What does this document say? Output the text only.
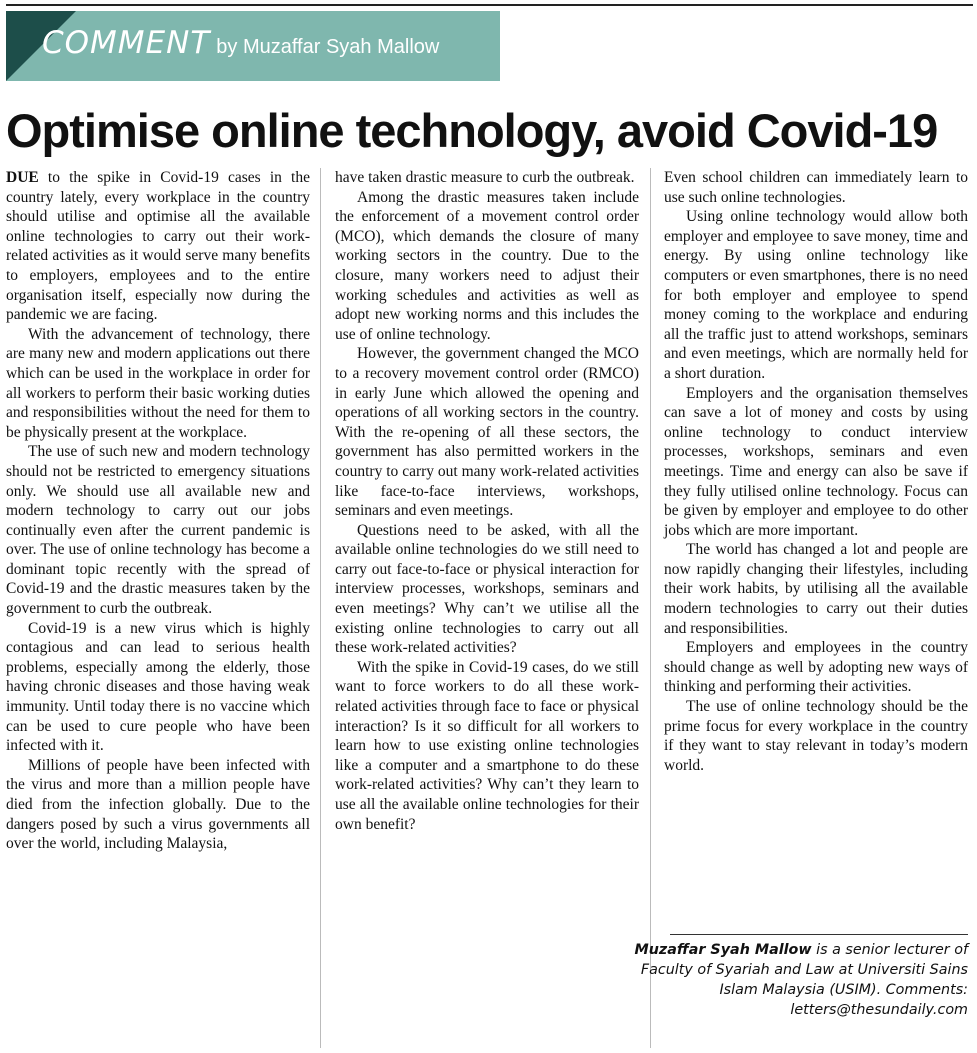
COMMENT by Muzaffar Syah Mallow
Optimise online technology, avoid Covid-19

DUE to the spike in Covid-19 cases in the country lately, every workplace in the country should utilise and optimise all the available online technologies to carry out their work-related activities as it would serve many benefits to employers, employees and to the entire organisation itself, especially now during the pandemic we are facing.

With the advancement of technology, there are many new and modern applications out there which can be used in the workplace in order for all workers to perform their basic working duties and responsibilities without the need for them to be physically present at the workplace.

The use of such new and modern technology should not be restricted to emergency situations only. We should use all available new and modern technology to carry out our jobs continually even after the current pandemic is over. The use of online technology has become a dominant topic recently with the spread of Covid-19 and the drastic measures taken by the government to curb the outbreak.

Covid-19 is a new virus which is highly contagious and can lead to serious health problems, especially among the elderly, those having chronic diseases and those having weak immunity. Until today there is no vaccine which can be used to cure people who have been infected with it.

Millions of people have been infected with the virus and more than a million people have died from the infection globally. Due to the dangers posed by such a virus governments all over the world, including Malaysia,

have taken drastic measure to curb the outbreak.

Among the drastic measures taken include the enforcement of a movement control order (MCO), which demands the closure of many working sectors in the country. Due to the closure, many workers need to adjust their working schedules and activities as well as adopt new working norms and this includes the use of online technology.

However, the government changed the MCO to a recovery movement control order (RMCO) in early June which allowed the opening and operations of all working sectors in the country. With the re-opening of all these sectors, the government has also permitted workers in the country to carry out many work-related activities like face-to-face interviews, workshops, seminars and even meetings.

Questions need to be asked, with all the available online technologies do we still need to carry out face-to-face or physical interaction for interview processes, workshops, seminars and even meetings? Why can’t we utilise all the existing online technologies to carry out all these work-related activities?

With the spike in Covid-19 cases, do we still want to force workers to do all these work-related activities through face to face or physical interaction? Is it so difficult for all workers to learn how to use existing online technologies like a computer and a smartphone to do these work-related activities? Why can’t they learn to use all the available online technologies for their own benefit?

Even school children can immediately learn to use such online technologies.

Using online technology would allow both employer and employee to save money, time and energy. By using online technology like computers or even smartphones, there is no need for both employer and employee to spend money coming to the workplace and enduring all the traffic just to attend workshops, seminars and even meetings, which are normally held for a short duration.

Employers and the organisation themselves can save a lot of money and costs by using online technology to conduct interview processes, workshops, seminars and even meetings. Time and energy can also be save if they fully utilised online technology. Focus can be given by employer and employee to do other jobs which are more important.

The world has changed a lot and people are now rapidly changing their lifestyles, including their work habits, by utilising all the available modern technologies to carry out their duties and responsibilities.

Employers and employees in the country should change as well by adopting new ways of thinking and performing their activities.

The use of online technology should be the prime focus for every workplace in the country if they want to stay relevant in today’s modern world.

Muzaffar Syah Mallow is a senior lecturer of Faculty of Syariah and Law at Universiti Sains Islam Malaysia (USIM). Comments: letters@thesundaily.com
